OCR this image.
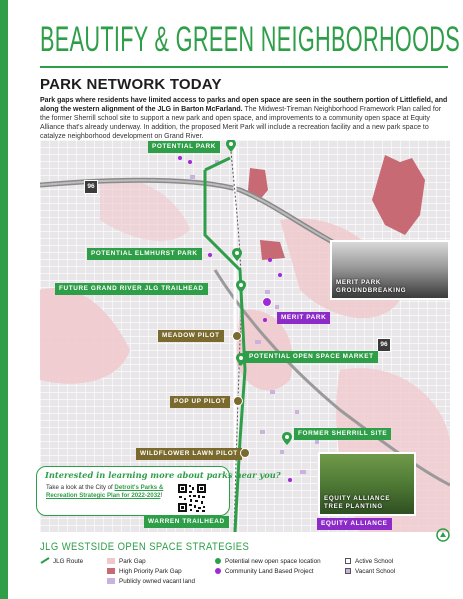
BEAUTIFY & GREEN NEIGHBORHOODS
PARK NETWORK TODAY

Park gaps where residents have limited access to parks and open space are seen in the southern portion of Littlefield, and along the western alignment of the JLG in Barton McFarland. The Midwest-Tireman Neighborhood Framework Plan called for the former Sherrill school site to support a new park and open space, and improvements to a community open space at Equity Alliance that's already underway. In addition, the proposed Merit Park will include a recreation facility and a new park space to catalyze neighborhood development on Grand River.

96
96
POTENTIAL PARK
POTENTIAL ELMHURST PARK
FUTURE GRAND RIVER JLG TRAILHEAD
MERIT PARK
MEADOW PILOT
POTENTIAL OPEN SPACE MARKET
POP UP PILOT
FORMER SHERRILL SITE
WILDFLOWER LAWN PILOT
WARREN TRAILHEAD	EQUITY ALLIANCE
MERIT PARK
GROUNDBREAKING
EQUITY ALLIANCE
TREE PLANTING
Interested in learning more about parks near you?
Take a look at the City of Detroit's Parks & Recreation Strategic Plan for 2022-2032!
JLG WESTSIDE OPEN SPACE STRATEGIES
JLG Route	Park Gap
High Priority Park Gap
Publicly owned vacant land
Potential new open space location
Community Land Based Project
Active School
Vacant School
